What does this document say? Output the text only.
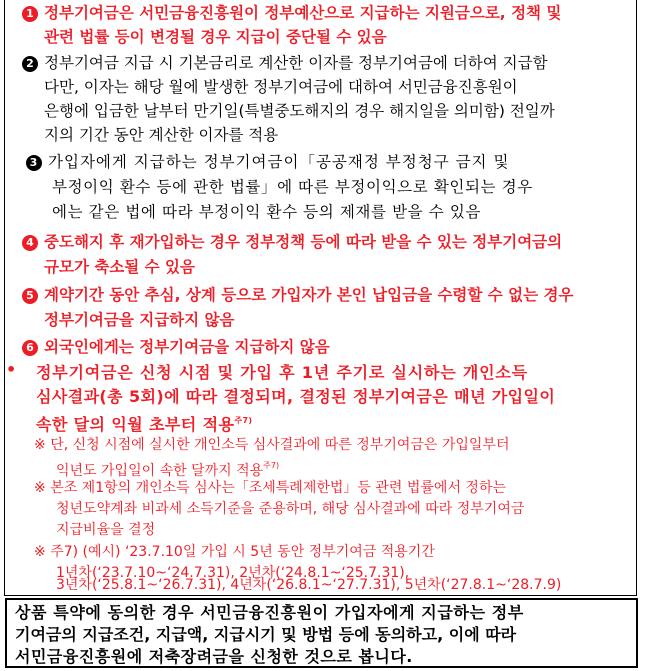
1 정부기여금은 서민금융진흥원이 정부예산으로 지급하는 지원금으로, 정책 및
관련 법률 등이 변경될 경우 지급이 중단될 수 있음
2 정부기여금 지급 시 기본금리로 계산한 이자를 정부기여금에 더하여 지급함
다만, 이자는 해당 월에 발생한 정부기여금에 대하여 서민금융진흥원이
은행에 입금한 날부터 만기일(특별중도해지의 경우 해지일을 의미함) 전일까
지의 기간 동안 계산한 이자를 적용
3 가입자에게 지급하는 정부기여금이「공공재정 부정청구 금지 및
부정이익 환수 등에 관한 법률」에 따른 부정이익으로 확인되는 경우
에는 같은 법에 따라 부정이익 환수 등의 제재를 받을 수 있음
4 중도해지 후 재가입하는 경우 정부정책 등에 따라 받을 수 있는 정부기여금의
규모가 축소될 수 있음
5 계약기간 동안 추심, 상계 등으로 가입자가 본인 납입금을 수령할 수 없는 경우
정부기여금을 지급하지 않음
6 외국인에게는 정부기여금을 지급하지 않음
• 정부기여금은 신청 시점 및 가입 후 1년 주기로 실시하는 개인소득
심사결과(총 5회)에 따라 결정되며, 결정된 정부기여금은 매년 가입일이
속한 달의 익월 초부터 적용$^{주7)}$
※ 단, 신청 시점에 실시한 개인소득 심사결과에 따른 정부기여금은 가입일부터
익년도 가입일이 속한 달까지 적용$^{주7)}$
※ 본조 제1항의 개인소득 심사는「조세특례제한법」등 관련 법률에서 정하는
청년도약계좌 비과세 소득기준을 준용하며, 해당 심사결과에 따라 정부기여금
지급비율을 결정
※ 주7) (예시) ‘23.7.10일 가입 시 5년 동안 정부기여금 적용기간
1년차(‘23.7.10~‘24.7.31), 2년차(‘24.8.1~‘25.7.31),
3년차(‘25.8.1~‘26.7.31), 4년차(‘26.8.1~‘27.7.31), 5년차(‘27.8.1~‘28.7.9)
상품 특약에 동의한 경우 서민금융진흥원이 가입자에게 지급하는 정부
기여금의 지급조건, 지급액, 지급시기 및 방법 등에 동의하고, 이에 따라
서민금융진흥원에 저축장려금을 신청한 것으로 봅니다.
